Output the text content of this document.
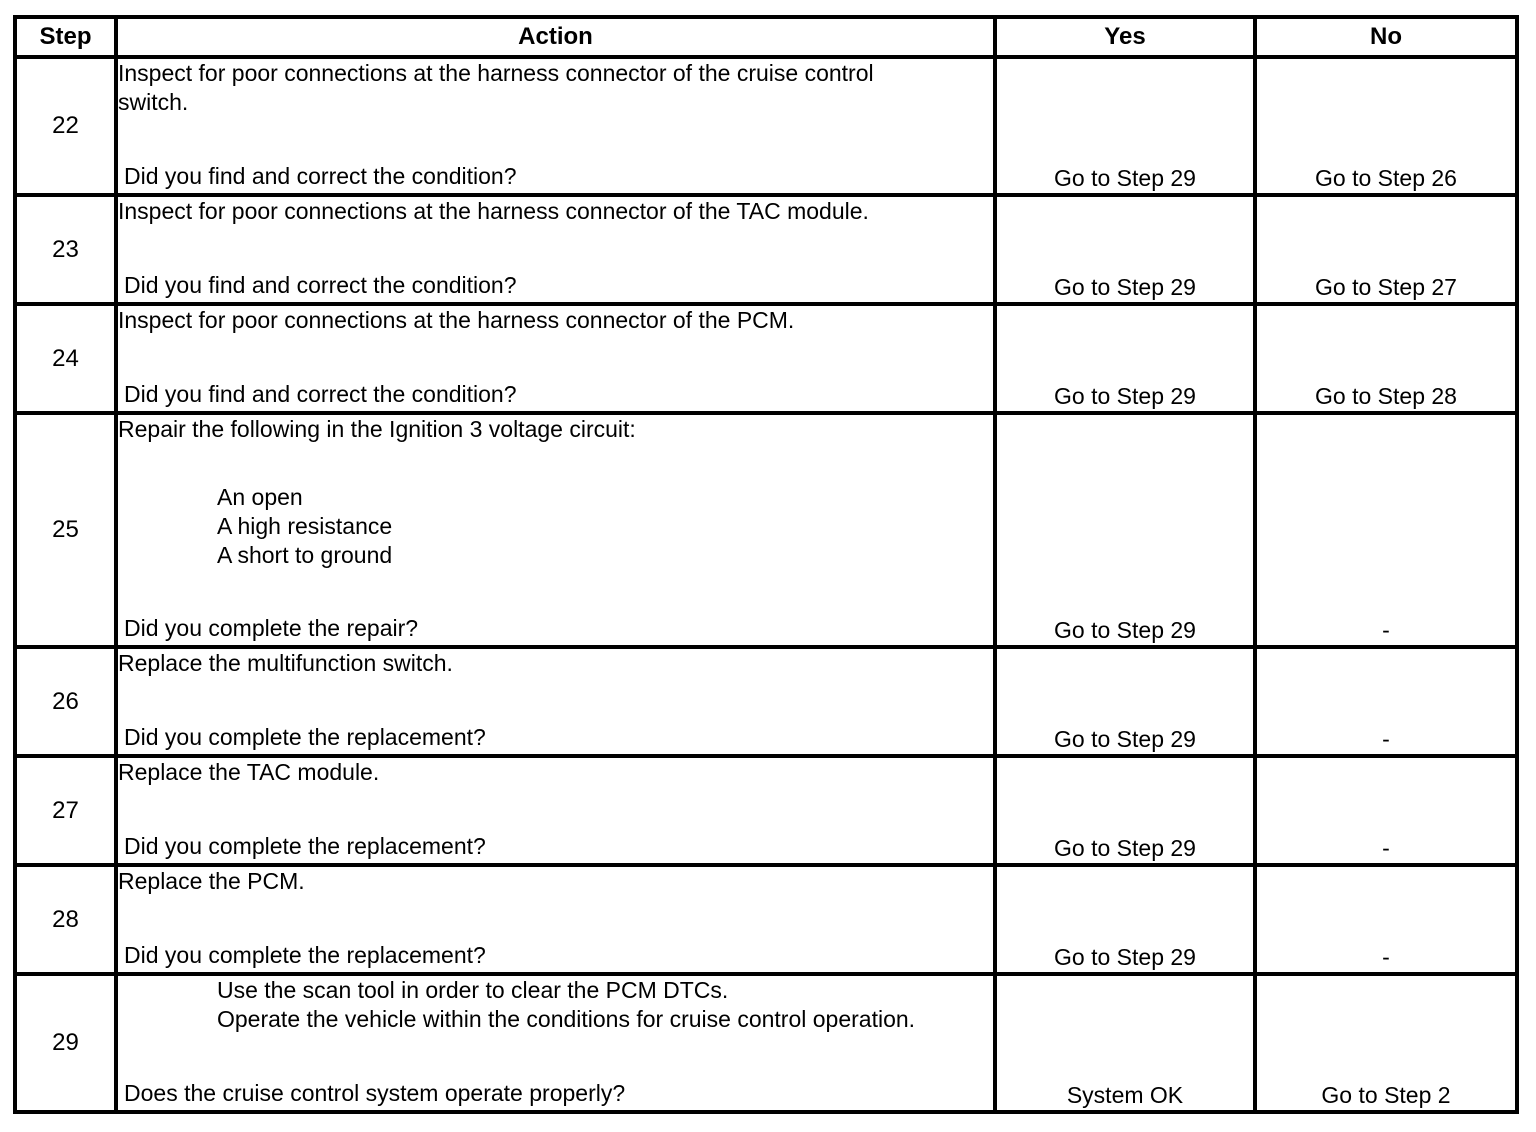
Step	Action	Yes	No
22	Inspect for poor connections at the harness connector of the cruise control
switch.
Did you find and correct the condition?	Go to Step 29	Go to Step 26
23	Inspect for poor connections at the harness connector of the TAC module.
Did you find and correct the condition?	Go to Step 29	Go to Step 27
24	Inspect for poor connections at the harness connector of the PCM.
Did you find and correct the condition?	Go to Step 29	Go to Step 28
25	Repair the following in the Ignition 3 voltage circuit:
An open
A high resistance
A short to ground
Did you complete the repair?	Go to Step 29	-
26	Replace the multifunction switch.
Did you complete the replacement?	Go to Step 29	-
27	Replace the TAC module.
Did you complete the replacement?	Go to Step 29	-
28	Replace the PCM.
Did you complete the replacement?	Go to Step 29	-
29	Use the scan tool in order to clear the PCM DTCs.
Operate the vehicle within the conditions for cruise control operation.
Does the cruise control system operate properly?	System OK	Go to Step 2
